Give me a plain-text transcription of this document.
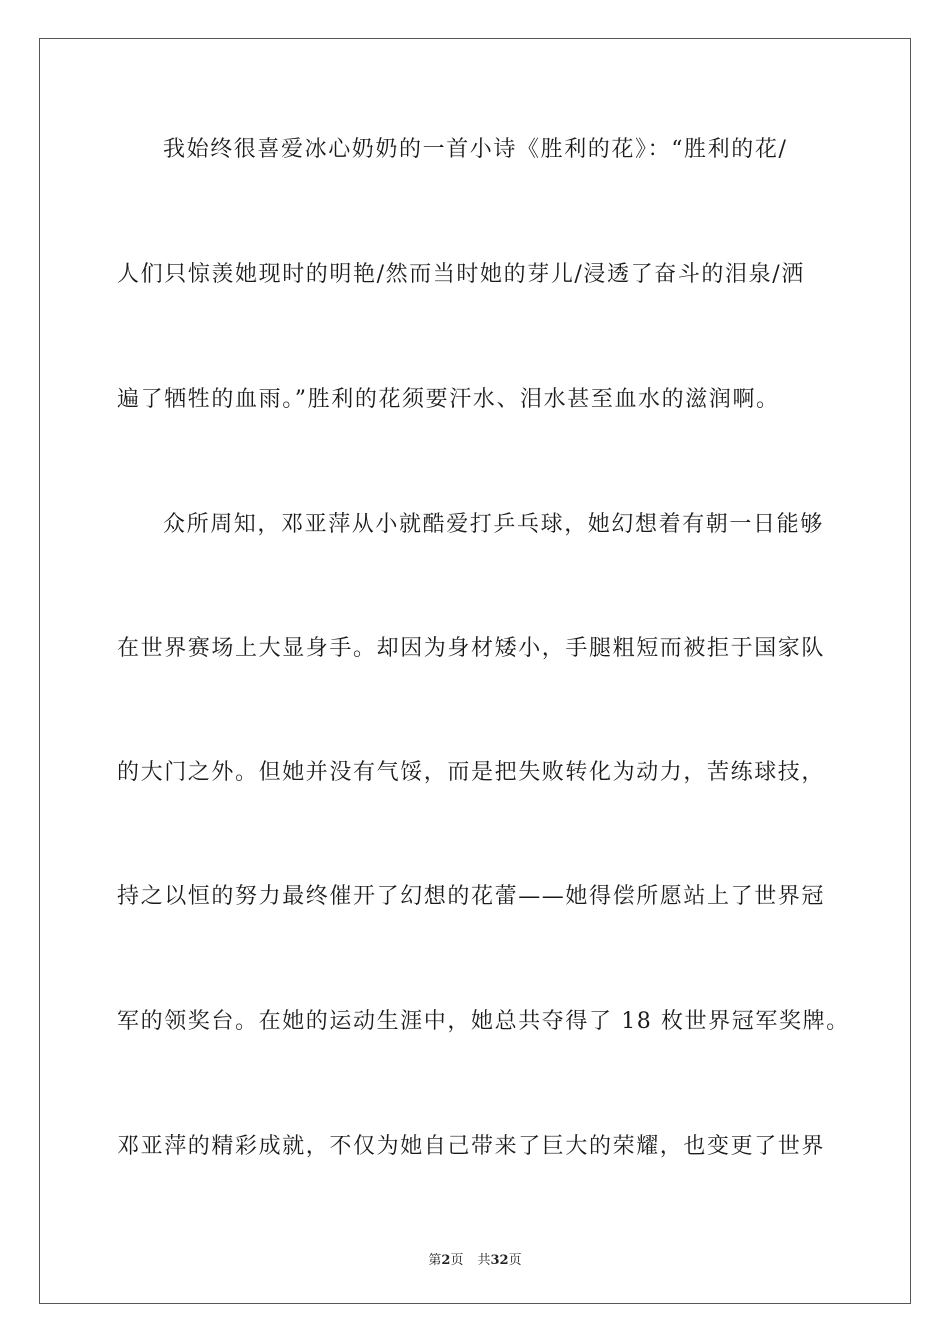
我始终很喜爱冰心奶奶的一首小诗《胜利的花》：“胜利的花/
人们只惊羡她现时的明艳/然而当时她的芽儿/浸透了奋斗的泪泉/洒
遍了牺牲的血雨。”胜利的花须要汗水、泪水甚至血水的滋润啊。
众所周知，邓亚萍从小就酷爱打乒乓球，她幻想着有朝一日能够
在世界赛场上大显身手。却因为身材矮小，手腿粗短而被拒于国家队
的大门之外。但她并没有气馁，而是把失败转化为动力，苦练球技，
持之以恒的努力最终催开了幻想的花蕾——她得偿所愿站上了世界冠
军的领奖台。在她的运动生涯中，她总共夺得了 18 枚世界冠军奖牌。
邓亚萍的精彩成就，不仅为她自己带来了巨大的荣耀，也变更了世界
第2页 共32页
